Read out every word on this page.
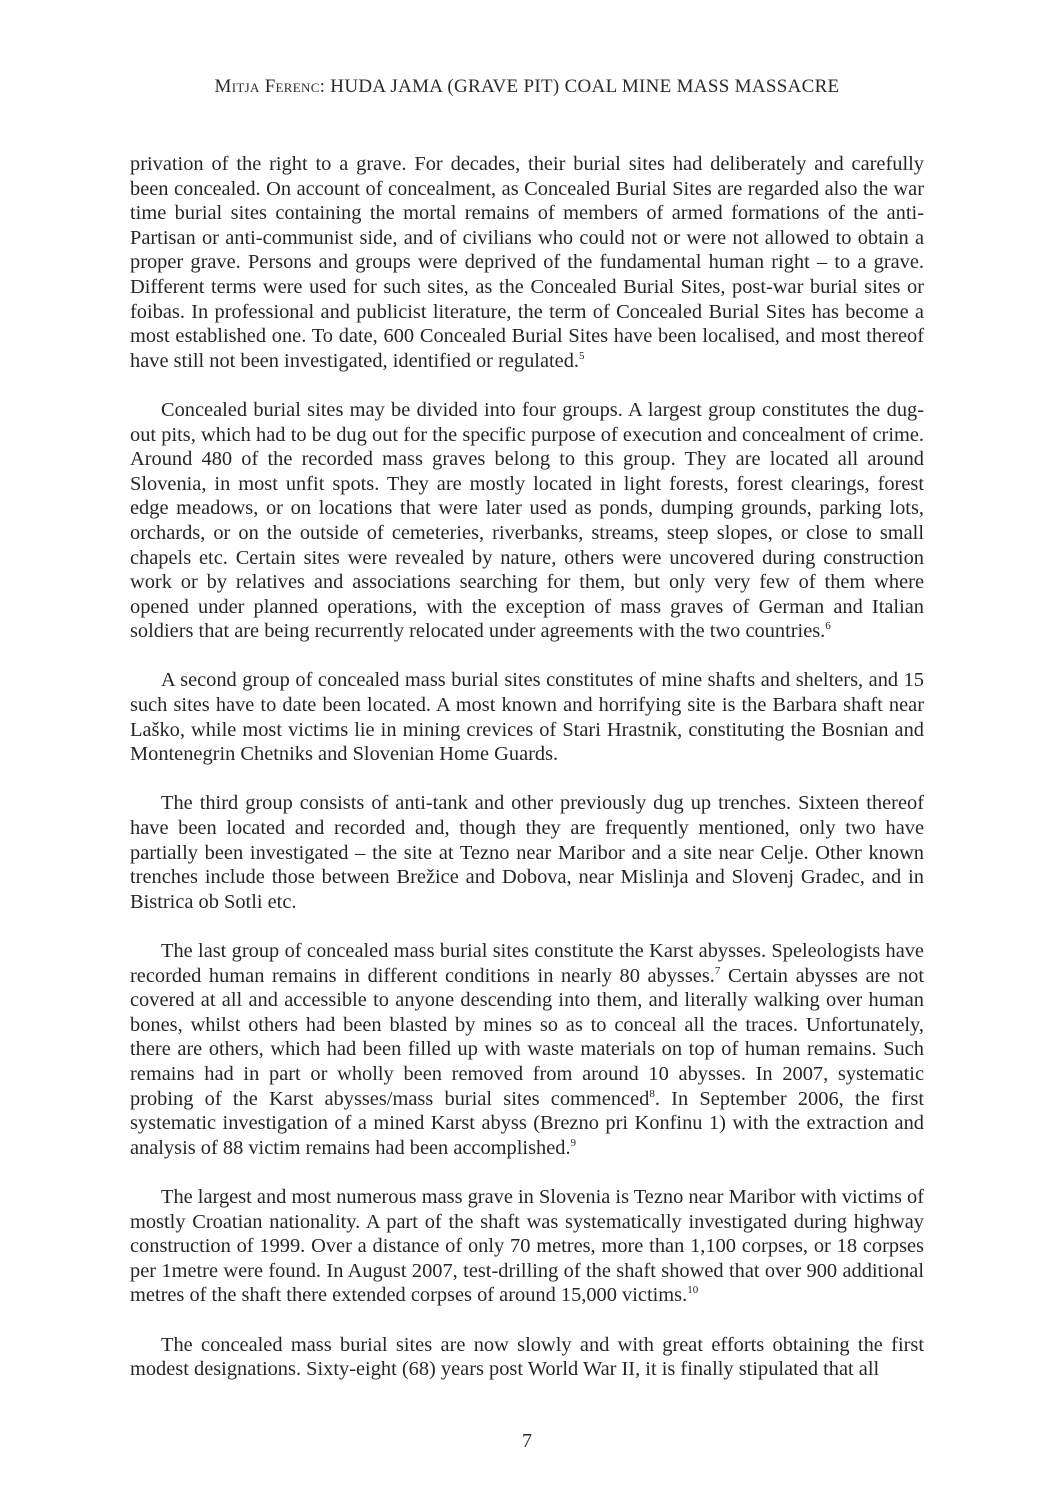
Mitja Ferenc: HUDA JAMA (GRAVE PIT) COAL MINE MASS MASSACRE

privation of the right to a grave. For decades, their burial sites had deliberately and carefully been concealed. On account of concealment, as Concealed Burial Sites are regarded also the war time burial sites containing the mortal remains of members of armed formations of the anti-Partisan or anti-communist side, and of civilians who could not or were not allowed to obtain a proper grave. Persons and groups were deprived of the fundamental human right – to a grave. Different terms were used for such sites, as the Concealed Burial Sites, post-war burial sites or foibas. In professional and publicist literature, the term of Concealed Burial Sites has become a most established one. To date, 600 Concealed Burial Sites have been localised, and most thereof have still not been investigated, identified or regulated.$^5$

Concealed burial sites may be divided into four groups. A largest group constitutes the dug-out pits, which had to be dug out for the specific purpose of execution and concealment of crime. Around 480 of the recorded mass graves belong to this group. They are located all around Slovenia, in most unfit spots. They are mostly located in light forests, forest clearings, forest edge meadows, or on locations that were later used as ponds, dumping grounds, parking lots, orchards, or on the outside of cemeteries, riverbanks, streams, steep slopes, or close to small chapels etc. Certain sites were revealed by nature, others were uncovered during construction work or by relatives and associations searching for them, but only very few of them where opened under planned operations, with the exception of mass graves of German and Italian soldiers that are being recurrently relocated under agreements with the two countries.$^6$

A second group of concealed mass burial sites constitutes of mine shafts and shelters, and 15 such sites have to date been located. A most known and horrifying site is the Barbara shaft near Laško, while most victims lie in mining crevices of Stari Hrastnik, constituting the Bosnian and Montenegrin Chetniks and Slovenian Home Guards.

The third group consists of anti-tank and other previously dug up trenches. Sixteen thereof have been located and recorded and, though they are frequently mentioned, only two have partially been investigated – the site at Tezno near Maribor and a site near Celje. Other known trenches include those between Brežice and Dobova, near Mislinja and Slovenj Gradec, and in Bistrica ob Sotli etc.

The last group of concealed mass burial sites constitute the Karst abysses. Speleologists have recorded human remains in different conditions in nearly 80 abysses.$^7$ Certain abysses are not covered at all and accessible to anyone descending into them, and literally walking over human bones, whilst others had been blasted by mines so as to conceal all the traces. Unfortunately, there are others, which had been filled up with waste materials on top of human remains. Such remains had in part or wholly been removed from around 10 abysses. In 2007, systematic probing of the Karst abysses/mass burial sites commenced$^8$. In September 2006, the first systematic investigation of a mined Karst abyss (Brezno pri Konfinu 1) with the extraction and analysis of 88 victim remains had been accomplished.$^9$

The largest and most numerous mass grave in Slovenia is Tezno near Maribor with victims of mostly Croatian nationality. A part of the shaft was systematically investigated during highway construction of 1999. Over a distance of only 70 metres, more than 1,100 corpses, or 18 corpses per 1metre were found. In August 2007, test-drilling of the shaft showed that over 900 additional metres of the shaft there extended corpses of around 15,000 victims.$^{10}$

The concealed mass burial sites are now slowly and with great efforts obtaining the first modest designations. Sixty-eight (68) years post World War II, it is finally stipulated that all

7
